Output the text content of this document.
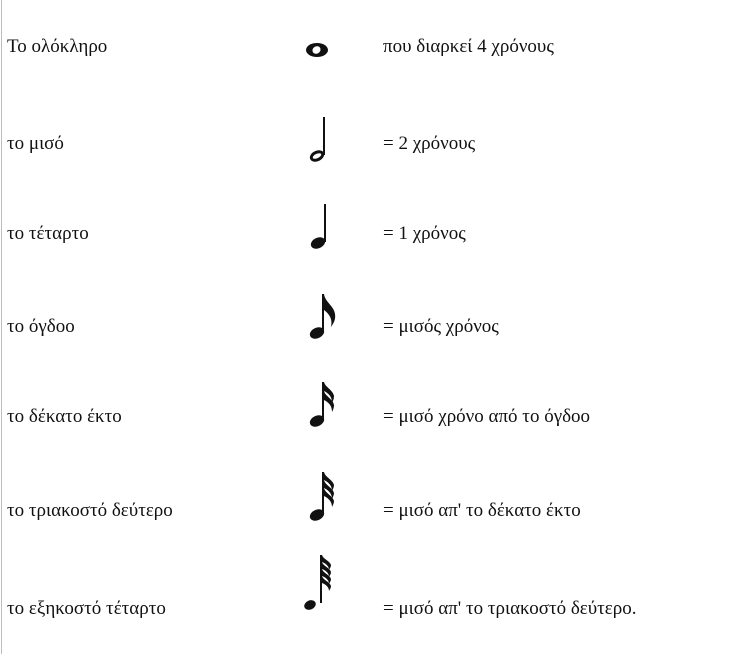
Το ολόκληρο	που διαρκεί 4 χρόνους
το μισό	= 2 χρόνους
το τέταρτο	= 1 χρόνος
το όγδοο	= μισός χρόνος
το δέκατο έκτο	= μισό χρόνο από το όγδοο
το τριακοστό δεύτερο	= μισό απ' το δέκατο έκτο
το εξηκοστό τέταρτο	= μισό απ' το τριακοστό δεύτερο.
